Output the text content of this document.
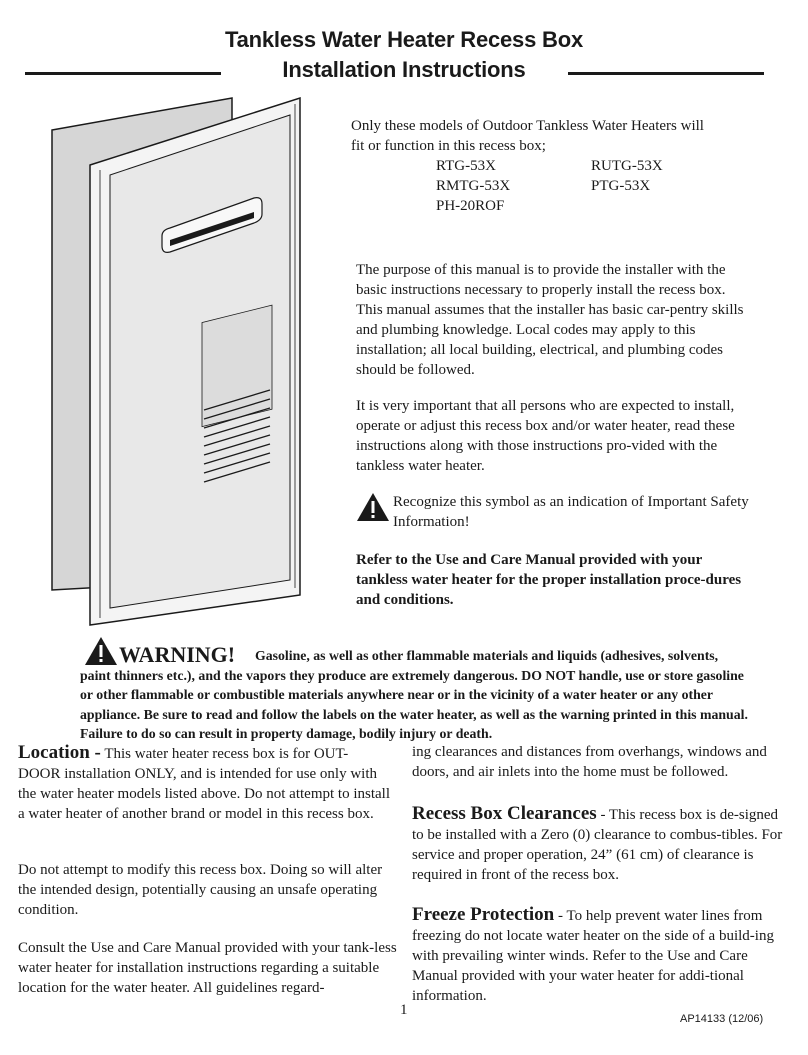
Tankless Water Heater Recess Box
Installation Instructions

Only these models of Outdoor Tankless Water Heaters will fit or function in this recess box;

RTG-53X	RUTG-53X
RMTG-53X	PTG-53X
PH-20ROF

The purpose of this manual is to provide the installer with the basic instructions necessary to properly install the recess box. This manual assumes that the installer has basic car-pentry skills and plumbing knowledge. Local codes may apply to this installation; all local building, electrical, and plumbing codes should be followed.

It is very important that all persons who are expected to install, operate or adjust this recess box and/or water heater, read these instructions along with those instructions pro-vided with the tankless water heater.

Recognize this symbol as an indication of Important Safety Information!

Refer to the Use and Care Manual provided with your tankless water heater for the proper installation proce-dures and conditions.

WARNING!	Gasoline, as well as other flammable materials and liquids (adhesives, solvents, paint thinners etc.), and the vapors they produce are extremely dangerous. DO NOT handle, use or store gasoline or other flammable or combustible materials anywhere near or in the vicinity of a water heater or any other appliance. Be sure to read and follow the labels on the water heater, as well as the warning printed in this manual. Failure to do so can result in property damage, bodily injury or death.

Location - This water heater recess box is for OUT-DOOR installation ONLY, and is intended for use only with the water heater models listed above. Do not attempt to install a water heater of another brand or model in this recess box.

Do not attempt to modify this recess box. Doing so will alter the intended design, potentially causing an unsafe operating condition.

Consult the Use and Care Manual provided with your tank-less water heater for installation instructions regarding a suitable location for the water heater. All guidelines regard-

ing clearances and distances from overhangs, windows and doors, and air inlets into the home must be followed.

Recess Box Clearances - This recess box is de-signed to be installed with a Zero (0) clearance to combus-tibles. For service and proper operation, 24” (61 cm) of clearance is required in front of the recess box.

Freeze Protection - To help prevent water lines from freezing do not locate water heater on the side of a build-ing with prevailing winter winds. Refer to the Use and Care Manual provided with your water heater for addi-tional information.

1
AP14133 (12/06)
